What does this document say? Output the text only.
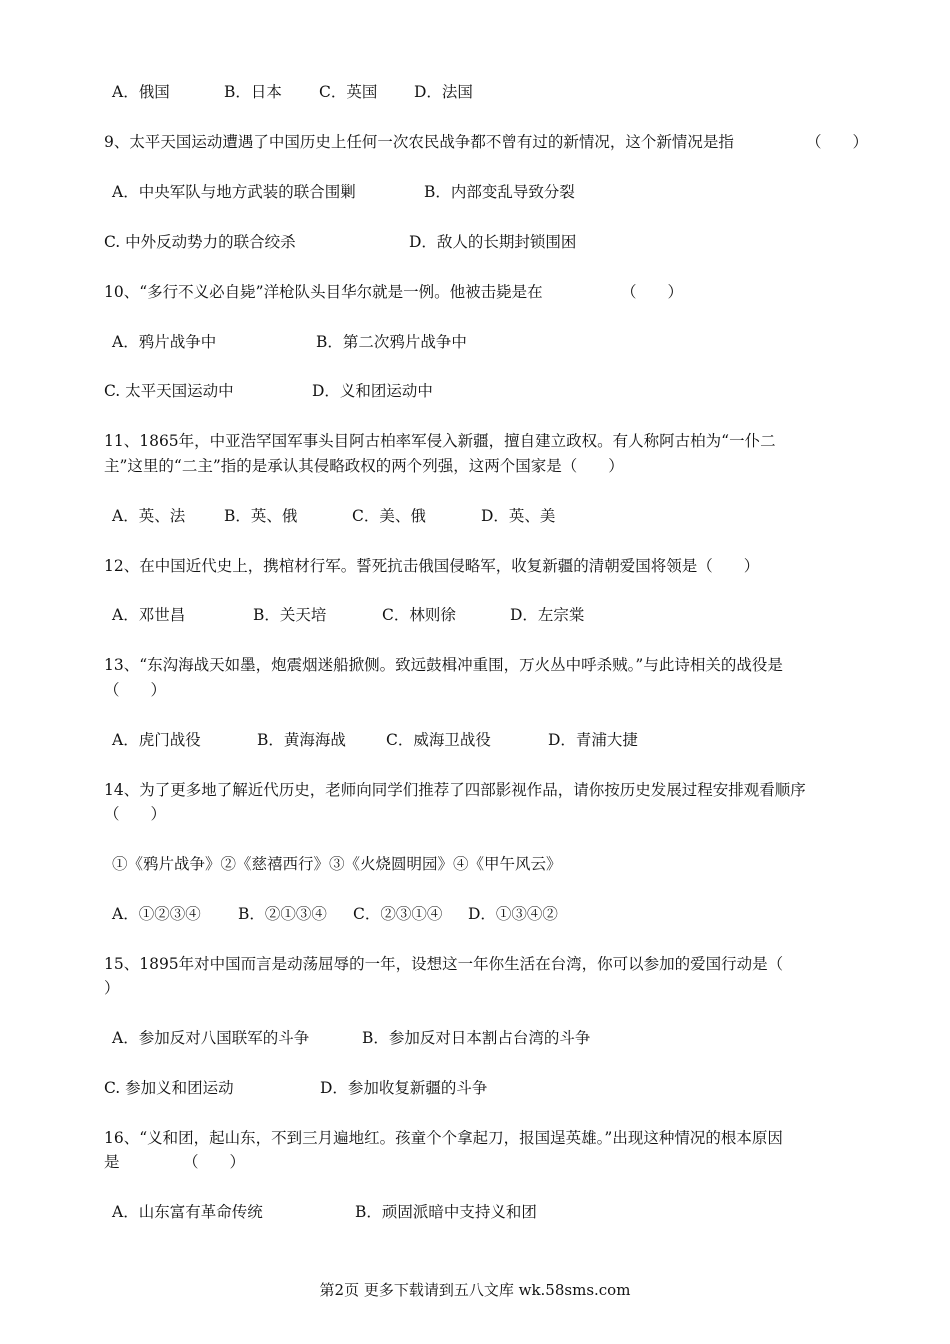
A．俄国	B．日本 C．英国 D．法国
9、太平天国运动遭遇了中国历史上任何一次农民战争都不曾有过的新情况，这个新情况是指	（　　）
A．中央军队与地方武装的联合围剿	B．内部变乱导致分裂
C. 中外反动势力的联合绞杀	D．敌人的长期封锁围困
10、“多行不义必自毙”洋枪队头目华尔就是一例。他被击毙是在	（　　）
A．鸦片战争中	B．第二次鸦片战争中
C. 太平天国运动中	D．义和团运动中
11、1865年，中亚浩罕国军事头目阿古柏率军侵入新疆，擅自建立政权。有人称阿古柏为“一仆二
主”这里的“二主”指的是承认其侵略政权的两个列强，这两个国家是（　　）
A．英、法	B．英、俄	C．美、俄	D．英、美
12、在中国近代史上，携棺材行军。誓死抗击俄国侵略军，收复新疆的清朝爱国将领是（　　）
A．邓世昌	B．关天培	C．林则徐	D．左宗棠
13、“东沟海战天如墨，炮震烟迷船掀侧。致远鼓楫冲重围，万火丛中呼杀贼。”与此诗相关的战役是
（　　）
A．虎门战役	B．黄海海战	C．威海卫战役	D．青浦大捷
14、为了更多地了解近代历史，老师向同学们推荐了四部影视作品，请你按历史发展过程安排观看顺序
（　　）
①《鸦片战争》②《慈禧西行》③《火烧圆明园》④《甲午风云》
A．①②③④ B．②①③④ C．②③①④ D．①③④②
15、1895年对中国而言是动荡屈辱的一年，设想这一年你生活在台湾，你可以参加的爱国行动是（
）
A．参加反对八国联军的斗争	B．参加反对日本割占台湾的斗争
C. 参加义和团运动	D．参加收复新疆的斗争
16、“义和团，起山东，不到三月遍地红。孩童个个拿起刀，报国逞英雄。”出现这种情况的根本原因
是	（　　）
A．山东富有革命传统	B．顽固派暗中支持义和团
第2页 更多下载请到五八文库 wk.58sms.com
